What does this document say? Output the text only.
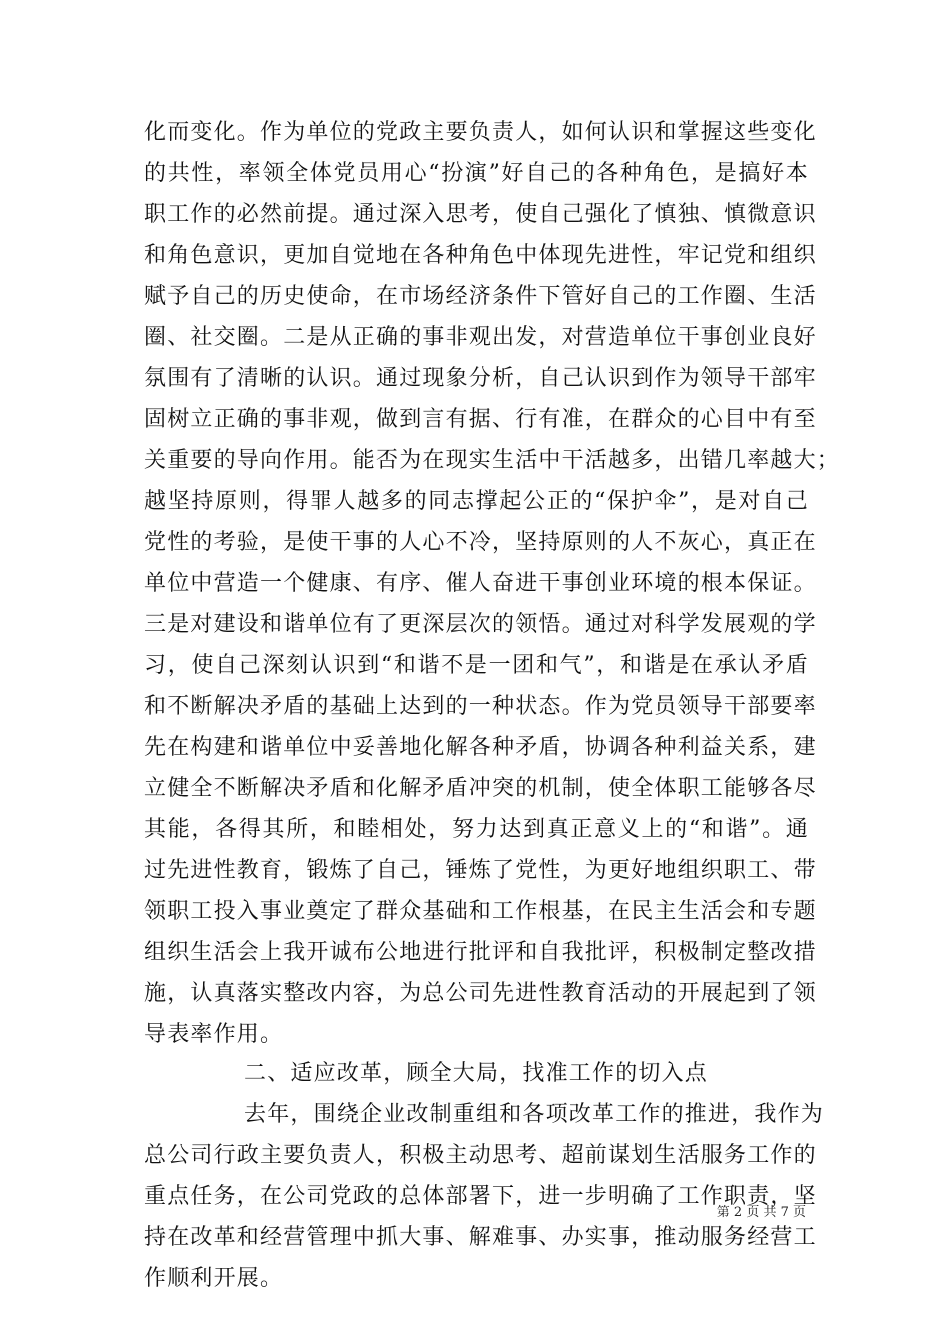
化而变化。作为单位的党政主要负责人，如何认识和掌握这些变化
的共性，率领全体党员用心“扮演”好自己的各种角色，是搞好本
职工作的必然前提。通过深入思考，使自己强化了慎独、慎微意识
和角色意识，更加自觉地在各种角色中体现先进性，牢记党和组织
赋予自己的历史使命，在市场经济条件下管好自己的工作圈、生活
圈、社交圈。二是从正确的事非观出发，对营造单位干事创业良好
氛围有了清晰的认识。通过现象分析，自己认识到作为领导干部牢
固树立正确的事非观，做到言有据、行有准，在群众的心目中有至
关重要的导向作用。能否为在现实生活中干活越多，出错几率越大；
越坚持原则，得罪人越多的同志撑起公正的“保护伞”，是对自己
党性的考验，是使干事的人心不冷，坚持原则的人不灰心，真正在
单位中营造一个健康、有序、催人奋进干事创业环境的根本保证。
三是对建设和谐单位有了更深层次的领悟。通过对科学发展观的学
习，使自己深刻认识到“和谐不是一团和气”，和谐是在承认矛盾
和不断解决矛盾的基础上达到的一种状态。作为党员领导干部要率
先在构建和谐单位中妥善地化解各种矛盾，协调各种利益关系，建
立健全不断解决矛盾和化解矛盾冲突的机制，使全体职工能够各尽
其能，各得其所，和睦相处，努力达到真正意义上的“和谐”。通
过先进性教育，锻炼了自己，锤炼了党性，为更好地组织职工、带
领职工投入事业奠定了群众基础和工作根基，在民主生活会和专题
组织生活会上我开诚布公地进行批评和自我批评，积极制定整改措
施，认真落实整改内容，为总公司先进性教育活动的开展起到了领
导表率作用。
二、适应改革，顾全大局，找准工作的切入点
去年，围绕企业改制重组和各项改革工作的推进，我作为
总公司行政主要负责人，积极主动思考、超前谋划生活服务工作的
重点任务，在公司党政的总体部署下，进一步明确了工作职责，坚
持在改革和经营管理中抓大事、解难事、办实事，推动服务经营工
作顺利开展。
第 2 页 共 7 页
